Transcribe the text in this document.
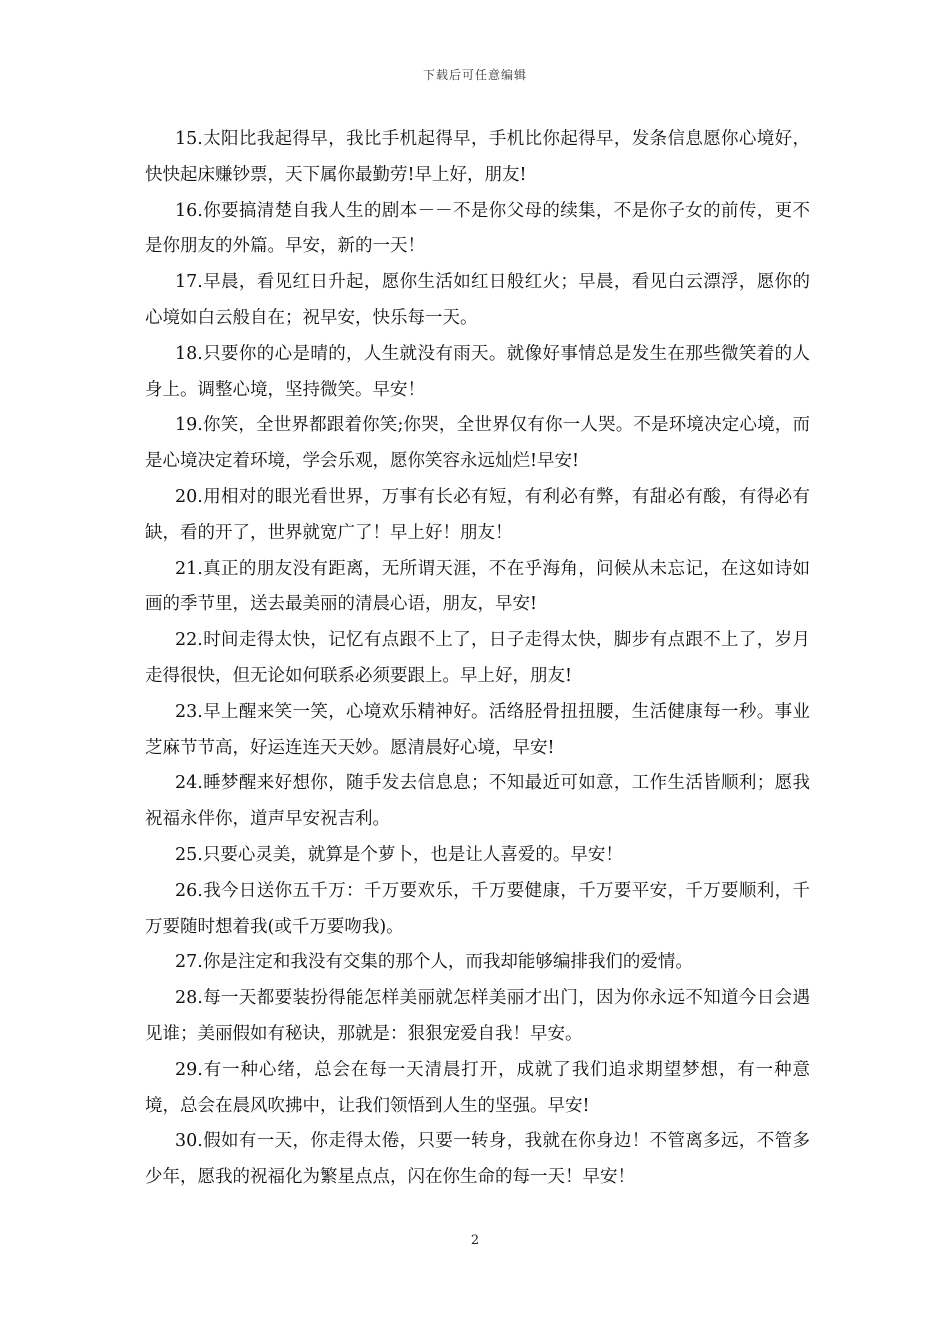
下载后可任意编辑

15.太阳比我起得早，我比手机起得早，手机比你起得早，发条信息愿你心境好，快快起床赚钞票，天下属你最勤劳!早上好，朋友!

16.你要搞清楚自我人生的剧本－－不是你父母的续集，不是你子女的前传，更不是你朋友的外篇。早安，新的一天！

17.早晨，看见红日升起，愿你生活如红日般红火；早晨，看见白云漂浮，愿你的心境如白云般自在；祝早安，快乐每一天。

18.只要你的心是晴的，人生就没有雨天。就像好事情总是发生在那些微笑着的人身上。调整心境，坚持微笑。早安！

19.你笑，全世界都跟着你笑;你哭，全世界仅有你一人哭。不是环境决定心境，而是心境决定着环境，学会乐观，愿你笑容永远灿烂!早安!

20.用相对的眼光看世界，万事有长必有短，有利必有弊，有甜必有酸，有得必有缺，看的开了，世界就宽广了！早上好！朋友！

21.真正的朋友没有距离，无所谓天涯，不在乎海角，问候从未忘记，在这如诗如画的季节里，送去最美丽的清晨心语，朋友，早安!

22.时间走得太快，记忆有点跟不上了，日子走得太快，脚步有点跟不上了，岁月走得很快，但无论如何联系必须要跟上。早上好，朋友!

23.早上醒来笑一笑，心境欢乐精神好。活络胫骨扭扭腰，生活健康每一秒。事业芝麻节节高，好运连连天天妙。愿清晨好心境，早安!

24.睡梦醒来好想你，随手发去信息息；不知最近可如意，工作生活皆顺利；愿我祝福永伴你，道声早安祝吉利。

25.只要心灵美，就算是个萝卜，也是让人喜爱的。早安！

26.我今日送你五千万：千万要欢乐，千万要健康，千万要平安，千万要顺利，千万要随时想着我(或千万要吻我)。

27.你是注定和我没有交集的那个人，而我却能够编排我们的爱情。

28.每一天都要装扮得能怎样美丽就怎样美丽才出门，因为你永远不知道今日会遇见谁；美丽假如有秘诀，那就是：狠狠宠爱自我！早安。

29.有一种心绪，总会在每一天清晨打开，成就了我们追求期望梦想，有一种意境，总会在晨风吹拂中，让我们领悟到人生的坚强。早安!

30.假如有一天，你走得太倦，只要一转身，我就在你身边！不管离多远，不管多少年，愿我的祝福化为繁星点点，闪在你生命的每一天！早安！

2
